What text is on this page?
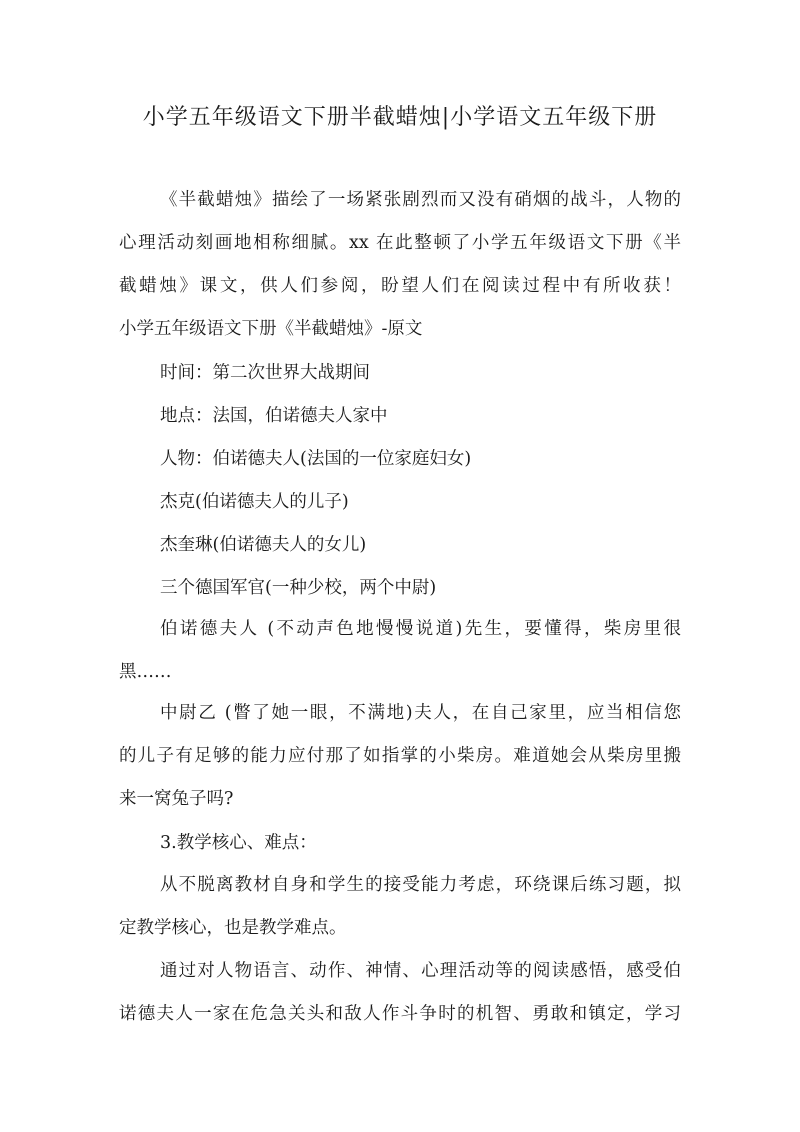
小学五年级语文下册半截蜡烛|小学语文五年级下册
《半截蜡烛》描绘了一场紧张剧烈而又没有硝烟的战斗，人物的
心理活动刻画地相称细腻。xx 在此整顿了小学五年级语文下册《半
截蜡烛》课文，供人们参阅，盼望人们在阅读过程中有所收获！
小学五年级语文下册《半截蜡烛》-原文
时间：第二次世界大战期间
地点：法国，伯诺德夫人家中
人物：伯诺德夫人(法国的一位家庭妇女)
杰克(伯诺德夫人的儿子)
杰奎琳(伯诺德夫人的女儿)
三个德国军官(一种少校，两个中尉)
伯诺德夫人 (不动声色地慢慢说道)先生，要懂得，柴房里很
黑……
中尉乙 (瞥了她一眼，不满地)夫人，在自己家里，应当相信您
的儿子有足够的能力应付那了如指掌的小柴房。难道她会从柴房里搬
来一窝兔子吗?
3.教学核心、难点：
从不脱离教材自身和学生的接受能力考虑，环绕课后练习题，拟
定教学核心，也是教学难点。
通过对人物语言、动作、神情、心理活动等的阅读感悟，感受伯
诺德夫人一家在危急关头和敌人作斗争时的机智、勇敢和镇定，学习
